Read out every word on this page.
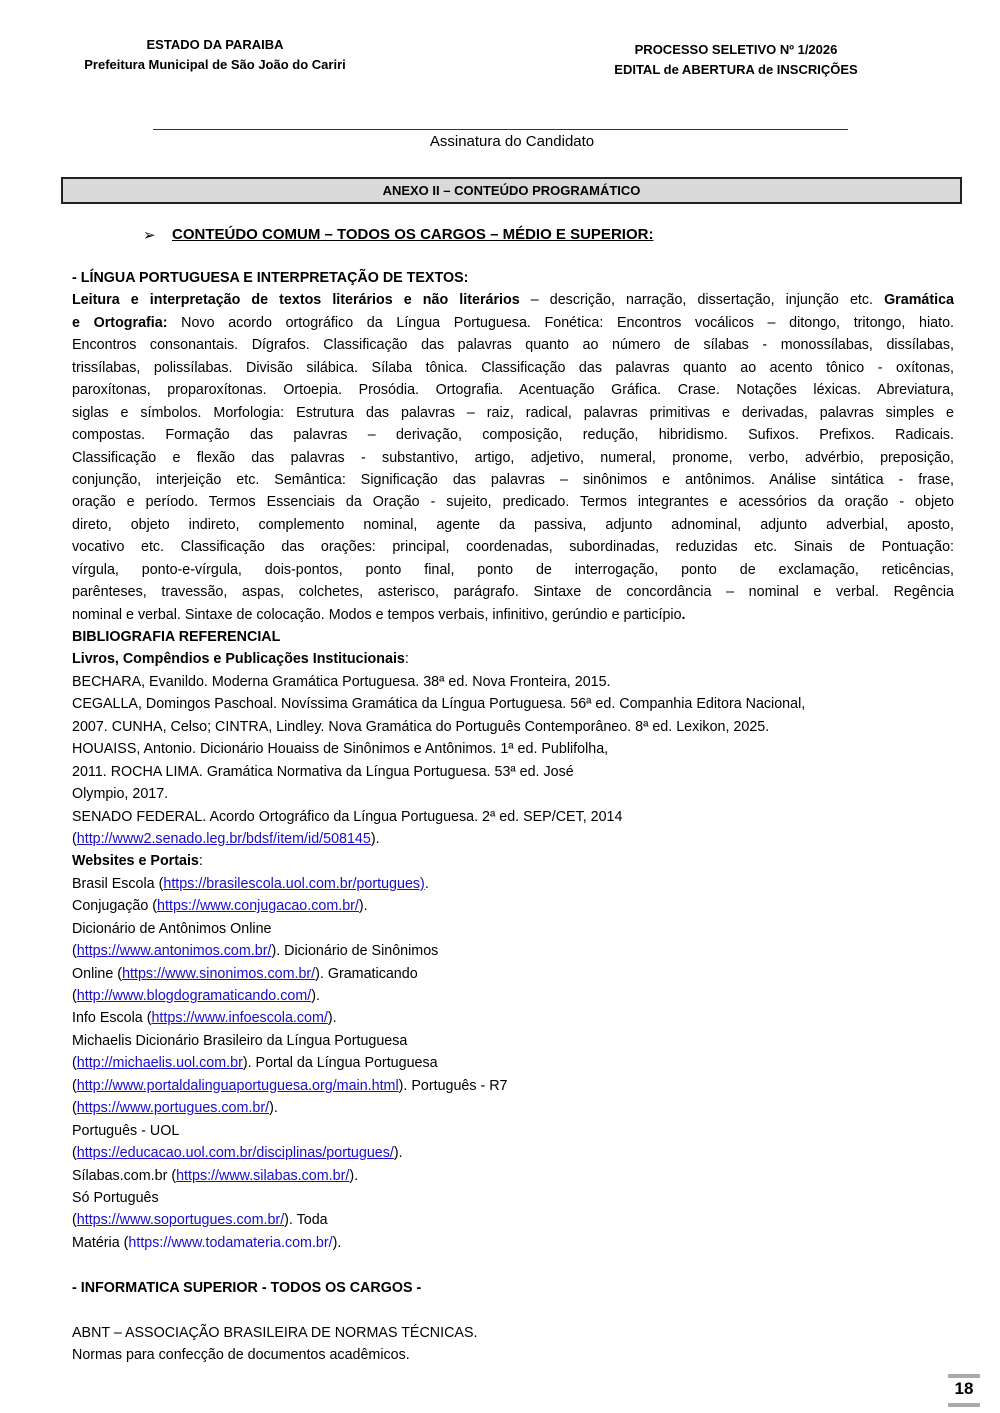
ESTADO DA PARAIBA
Prefeitura Municipal de São João do Cariri
PROCESSO SELETIVO Nº 1/2026
EDITAL de ABERTURA de INSCRIÇÕES
Assinatura do Candidato
ANEXO II – CONTEÚDO PROGRAMÁTICO
➢ CONTEÚDO COMUM – TODOS OS CARGOS – MÉDIO E SUPERIOR:
- LÍNGUA PORTUGUESA E INTERPRETAÇÃO DE TEXTOS:
Leitura e interpretação de textos literários e não literários – descrição, narração, dissertação, injunção etc. Gramática
e Ortografia: Novo acordo ortográfico da Língua Portuguesa. Fonética: Encontros vocálicos – ditongo, tritongo, hiato.
Encontros consonantais. Dígrafos. Classificação das palavras quanto ao número de sílabas - monossílabas, dissílabas,
trissílabas, polissílabas. Divisão silábica. Sílaba tônica. Classificação das palavras quanto ao acento tônico - oxítonas,
paroxítonas, proparoxítonas. Ortoepia. Prosódia. Ortografia. Acentuação Gráfica. Crase. Notações léxicas. Abreviatura,
siglas e símbolos. Morfologia: Estrutura das palavras – raiz, radical, palavras primitivas e derivadas, palavras simples e
compostas. Formação das palavras – derivação, composição, redução, hibridismo. Sufixos. Prefixos. Radicais.
Classificação e flexão das palavras - substantivo, artigo, adjetivo, numeral, pronome, verbo, advérbio, preposição,
conjunção, interjeição etc. Semântica: Significação das palavras – sinônimos e antônimos. Análise sintática - frase,
oração e período. Termos Essenciais da Oração - sujeito, predicado. Termos integrantes e acessórios da oração - objeto
direto, objeto indireto, complemento nominal, agente da passiva, adjunto adnominal, adjunto adverbial, aposto,
vocativo etc. Classificação das orações: principal, coordenadas, subordinadas, reduzidas etc. Sinais de Pontuação:
vírgula, ponto-e-vírgula, dois-pontos, ponto final, ponto de interrogação, ponto de exclamação, reticências,
parênteses, travessão, aspas, colchetes, asterisco, parágrafo. Sintaxe de concordância – nominal e verbal. Regência
nominal e verbal. Sintaxe de colocação. Modos e tempos verbais, infinitivo, gerúndio e particípio.
BIBLIOGRAFIA REFERENCIAL
Livros, Compêndios e Publicações Institucionais:
BECHARA, Evanildo. Moderna Gramática Portuguesa. 38ª ed. Nova Fronteira, 2015.
CEGALLA, Domingos Paschoal. Novíssima Gramática da Língua Portuguesa. 56ª ed. Companhia Editora Nacional,
2007. CUNHA, Celso; CINTRA, Lindley. Nova Gramática do Português Contemporâneo. 8ª ed. Lexikon, 2025.
HOUAISS, Antonio. Dicionário Houaiss de Sinônimos e Antônimos. 1ª ed. Publifolha,
2011. ROCHA LIMA. Gramática Normativa da Língua Portuguesa. 53ª ed. José
Olympio, 2017.
SENADO FEDERAL. Acordo Ortográfico da Língua Portuguesa. 2ª ed. SEP/CET, 2014
(http://www2.senado.leg.br/bdsf/item/id/508145).
Websites e Portais:
Brasil Escola (https://brasilescola.uol.com.br/portugues).
Conjugação (https://www.conjugacao.com.br/).
Dicionário de Antônimos Online
(https://www.antonimos.com.br/). Dicionário de Sinônimos
Online (https://www.sinonimos.com.br/). Gramaticando
(http://www.blogdogramaticando.com/).
Info Escola (https://www.infoescola.com/).
Michaelis Dicionário Brasileiro da Língua Portuguesa
(http://michaelis.uol.com.br). Portal da Língua Portuguesa
(http://www.portaldalinguaportuguesa.org/main.html). Português - R7
(https://www.portugues.com.br/).
Português - UOL
(https://educacao.uol.com.br/disciplinas/portugues/).
Sílabas.com.br (https://www.silabas.com.br/).
Só Português
(https://www.soportugues.com.br/). Toda
Matéria (https://www.todamateria.com.br/).

- INFORMATICA SUPERIOR - TODOS OS CARGOS -

ABNT – ASSOCIAÇÃO BRASILEIRA DE NORMAS TÉCNICAS.
Normas para confecção de documentos acadêmicos.
18
